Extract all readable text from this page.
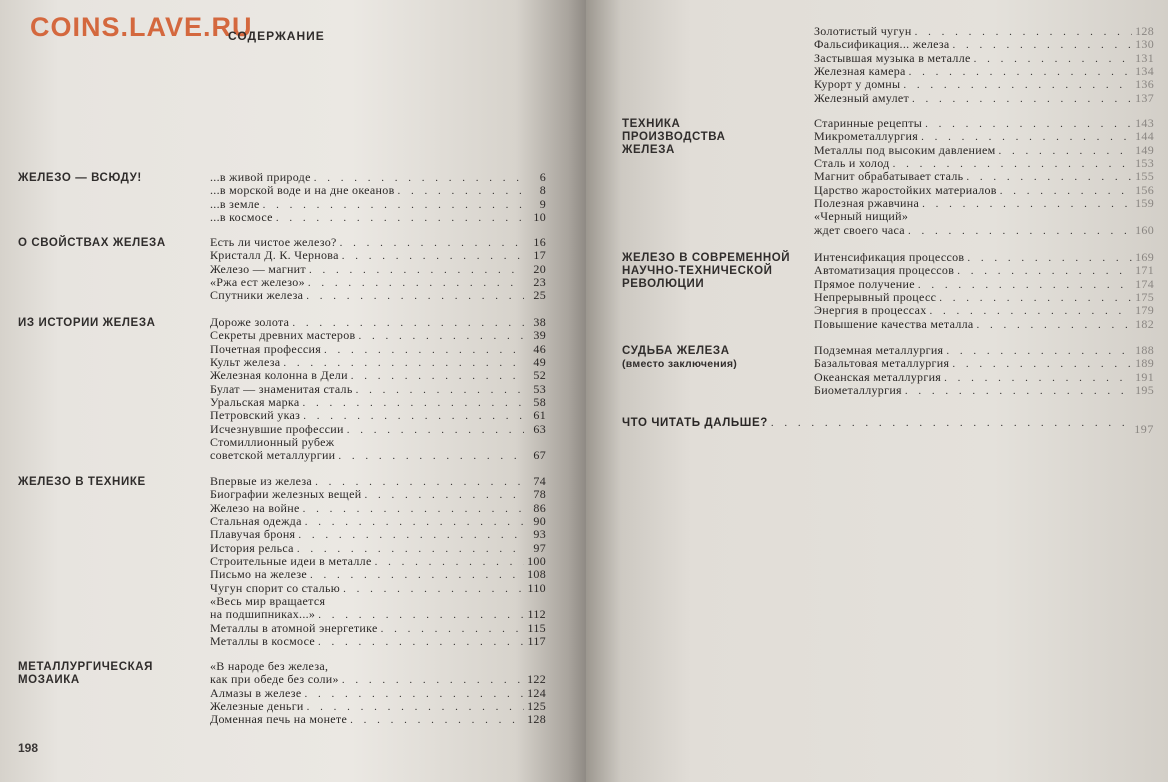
COINS.LAVE.RU
СОДЕРЖАНИЕ
ЖЕЛЕЗО — ВСЮДУ!	...в живой природе . . .	6
...в морской воде и на дне океанов . . .	8
...в земле . . .	9
...в космосе . . .	10
О СВОЙСТВАХ ЖЕЛЕЗА	Есть ли чистое железо? . . .	16
Кристалл Д. К. Чернова . . .	17
Железо — магнит . . .	20
«Ржа ест железо» . . .	23
Спутники железа . . .	25
ИЗ ИСТОРИИ ЖЕЛЕЗА	Дороже золота . . .	38
Секреты древних мастеров . . .	39
Почетная профессия . . .	46
Культ железа . . .	49
Железная колонна в Дели . . .	52
Булат — знаменитая сталь . . .	53
Уральская марка . . .	58
Петровский указ . . .	61
Исчезнувшие профессии . . .	63
Стомиллионный рубеж
советской металлургии . . .	67
ЖЕЛЕЗО В ТЕХНИКЕ	Впервые из железа . . .	74
Биографии железных вещей . . .	78
Железо на войне . . .	86
Стальная одежда . . .	90
Плавучая броня . . .	93
История рельса . . .	97
Строительные идеи в металле . . .	100
Письмо на железе . . .	108
Чугун спорит со сталью . . .	110
«Весь мир вращается
на подшипниках...» . . .	112
Металлы в атомной энергетике . . .	115
Металлы в космосе . . .	117
МЕТАЛЛУРГИЧЕСКАЯ МОЗАИКА
«В народе без железа,
как при обеде без соли» . . .	122
Алмазы в железе . . .	124
Железные деньги . . .	125
Доменная печь на монете . . .	128
198
Золотистый чугун . . .	128
Фальсификация... железа . . .	130
Застывшая музыка в металле . . .	131
Железная камера . . .	134
Курорт у домны . . .	136
Железный амулет . . .	137
ТЕХНИКА ПРОИЗВОДСТВА ЖЕЛЕЗА
Старинные рецепты . . .	143
Микрометаллургия . . .	144
Металлы под высоким давлением . . .	149
Сталь и холод . . .	153
Магнит обрабатывает сталь . . .	155
Царство жаростойких материалов . . .	156
Полезная ржавчина . . .	159
«Черный нищий»
ждет своего часа . . .	160
ЖЕЛЕЗО В СОВРЕМЕННОЙ НАУЧНО-ТЕХНИЧЕСКОЙ РЕВОЛЮЦИИ
Интенсификация процессов . . .	169
Автоматизация процессов . . .	171
Прямое получение . . .	174
Непрерывный процесс . . .	175
Энергия в процессах . . .	179
Повышение качества металла . . .	182
СУДЬБА ЖЕЛЕЗА
(вместо заключения)
Подземная металлургия . . .	188
Базальтовая металлургия . . .	189
Океанская металлургия . . .	191
Биометаллургия . . .	195
ЧТО ЧИТАТЬ ДАЛЬШЕ? . . .	197
